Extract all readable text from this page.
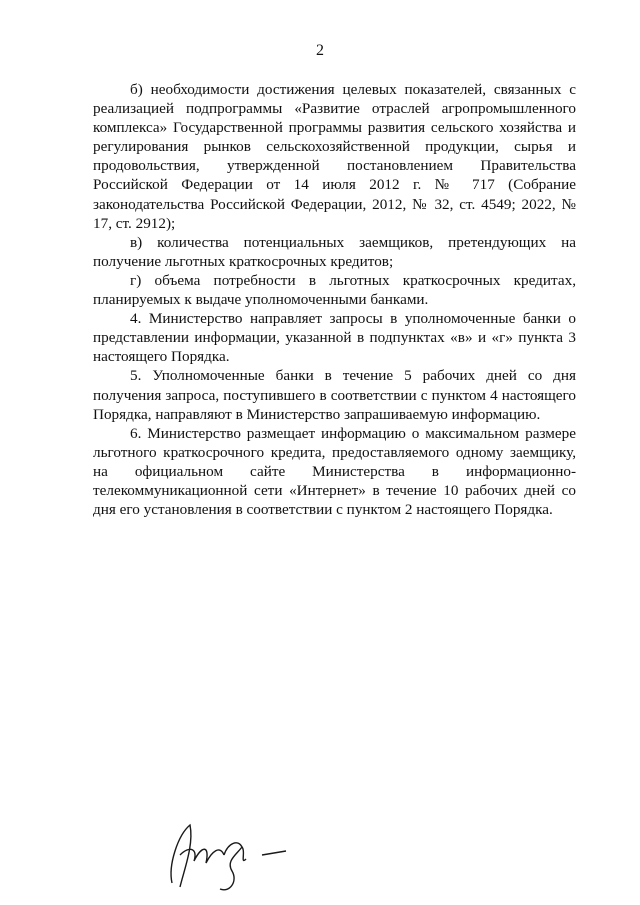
2

б) необходимости достижения целевых показателей, связанных с реализацией подпрограммы «Развитие отраслей агропромышленного комплекса» Государственной программы развития сельского хозяйства и регулирования рынков сельскохозяйственной продукции, сырья и продовольствия, утвержденной постановлением Правительства Российской Федерации от 14 июля 2012 г. № 717 (Собрание законодательства Российской Федерации, 2012, № 32, ст. 4549; 2022, № 17, ст. 2912);

в) количества потенциальных заемщиков, претендующих на получение льготных краткосрочных кредитов;

г) объема потребности в льготных краткосрочных кредитах, планируемых к выдаче уполномоченными банками.

4. Министерство направляет запросы в уполномоченные банки о представлении информации, указанной в подпунктах «в» и «г» пункта 3 настоящего Порядка.

5. Уполномоченные банки в течение 5 рабочих дней со дня получения запроса, поступившего в соответствии с пунктом 4 настоящего Порядка, направляют в Министерство запрашиваемую информацию.

6. Министерство размещает информацию о максимальном размере льготного краткосрочного кредита, предоставляемого одному заемщику, на официальном сайте Министерства в информационно-телекоммуникационной сети «Интернет» в течение 10 рабочих дней со дня его установления в соответствии с пунктом 2 настоящего Порядка.
